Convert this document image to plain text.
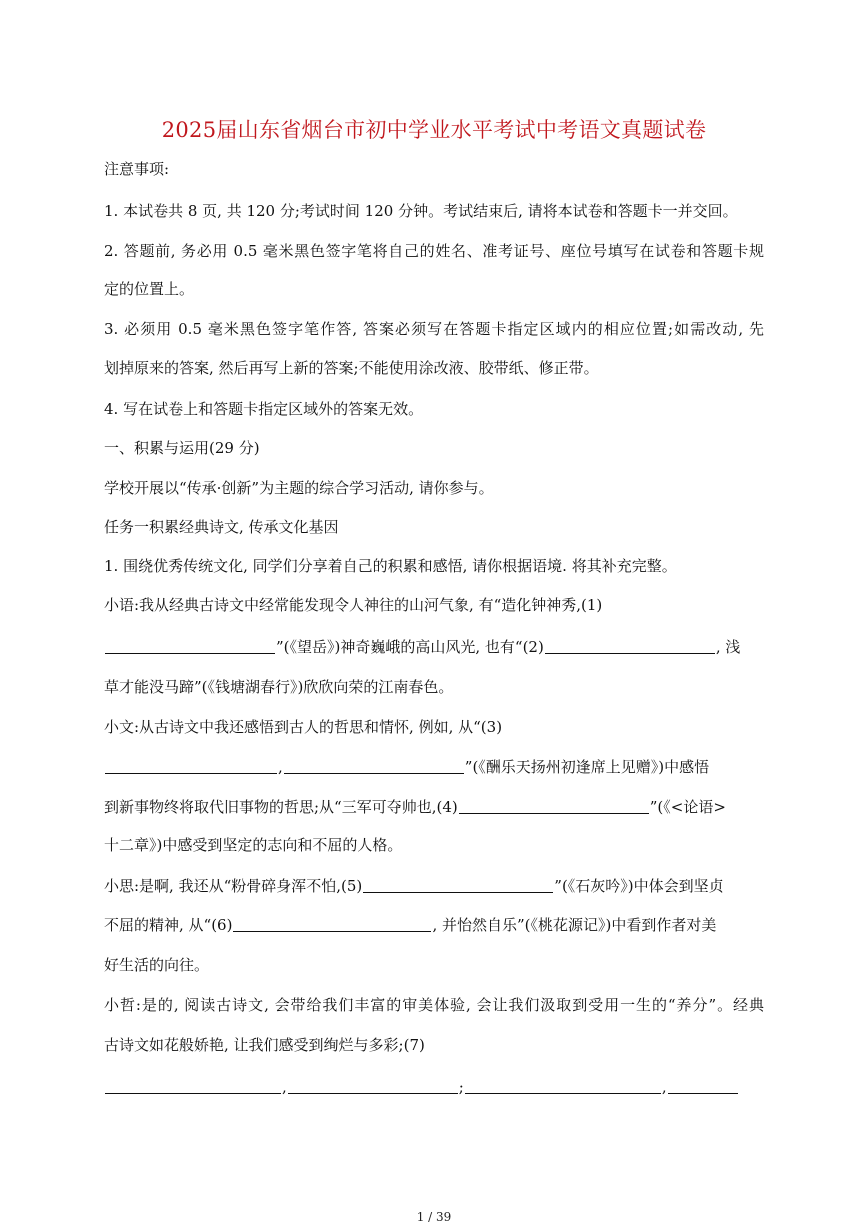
2025届山东省烟台市初中学业水平考试中考语文真题试卷
注意事项:
1. 本试卷共 8 页, 共 120 分;考试时间 120 分钟。考试结束后, 请将本试卷和答题卡一并交回。
2. 答题前, 务必用 0.5 毫米黑色签字笔将自己的姓名、准考证号、座位号填写在试卷和答题卡规
定的位置上。
3. 必须用 0.5 毫米黑色签字笔作答, 答案必须写在答题卡指定区域内的相应位置;如需改动, 先
划掉原来的答案, 然后再写上新的答案;不能使用涂改液、胶带纸、修正带。
4. 写在试卷上和答题卡指定区域外的答案无效。
一、积累与运用(29 分)
学校开展以“传承·创新”为主题的综合学习活动, 请你参与。
任务一积累经典诗文, 传承文化基因
1. 围绕优秀传统文化, 同学们分享着自己的积累和感悟, 请你根据语境. 将其补充完整。
小语:我从经典古诗文中经常能发现令人神往的山河气象, 有“造化钟神秀,(1)
”(《望岳》)神奇巍峨的高山风光, 也有“(2)	, 浅
草才能没马蹄”(《钱塘湖春行》)欣欣向荣的江南春色。
小文:从古诗文中我还感悟到古人的哲思和情怀, 例如, 从“(3)
,	”(《酬乐天扬州初逢席上见赠》)中感悟
到新事物终将取代旧事物的哲思;从“三军可夺帅也,(4)	”(《<论语>
十二章》)中感受到坚定的志向和不屈的人格。
小思:是啊, 我还从“粉骨碎身浑不怕,(5)	”(《石灰吟》)中体会到坚贞
不屈的精神, 从“(6)	, 并怡然自乐”(《桃花源记》)中看到作者对美
好生活的向往。
小哲:是的, 阅读古诗文, 会带给我们丰富的审美体验, 会让我们汲取到受用一生的“养分”。经典
古诗文如花般娇艳, 让我们感受到绚烂与多彩;(7)
,	;	,
1 / 39
